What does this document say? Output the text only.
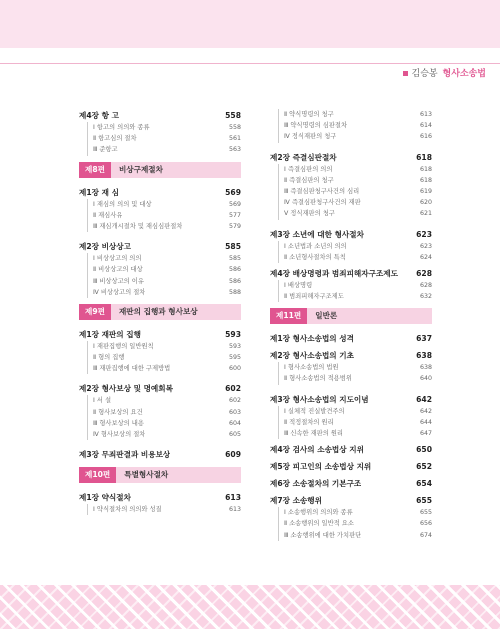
김승봉 형사소송법
제4장 항 고	558
Ⅰ 항고의 의의와 종류	558
Ⅱ 항고심의 절차	561
Ⅲ 준항고	563
제8편	비상구제절차
제1장 재 심	569
Ⅰ 재심의 의의 및 대상	569
Ⅱ 재심사유	577
Ⅲ 재심개시절차 및 재심심판절차	579
제2장 비상상고	585
Ⅰ 비상상고의 의의	585
Ⅱ 비상상고의 대상	586
Ⅲ 비상상고의 이유	586
Ⅳ 비상상고의 절차	588
제9편	재판의 집행과 형사보상
제1장 재판의 집행	593
Ⅰ 재판집행의 일반원칙	593
Ⅱ 형의 집행	595
Ⅲ 재판집행에 대한 구제방법	600
제2장 형사보상 및 명예회복	602
Ⅰ 서 설	602
Ⅱ 형사보상의 요건	603
Ⅲ 형사보상의 내용	604
Ⅳ 형사보상의 절차	605
제3장 무죄판결과 비용보상	609
제10편	특별형사절차
제1장 약식절차	613
Ⅰ 약식절차의 의의와 성질	613
Ⅱ 약식명령의 청구	613
Ⅲ 약식명령의 심판절차	614
Ⅳ 정식재판의 청구	616
제2장 즉결심판절차	618
Ⅰ 즉결심판의 의의	618
Ⅱ 즉결심판의 청구	618
Ⅲ 즉결심판청구사건의 심리	619
Ⅳ 즉결심판청구사건의 재판	620
Ⅴ 정식재판의 청구	621
제3장 소년에 대한 형사절차	623
Ⅰ 소년법과 소년의 의의	623
Ⅱ 소년형사절차의 특칙	624
제4장 배상명령과 범죄피해자구조제도 628
Ⅰ 배상명령	628
Ⅱ 범죄피해자구조제도	632
제11편	일반론
제1장 형사소송법의 성격	637
제2장 형사소송법의 기초	638
Ⅰ 형사소송법의 법원	638
Ⅱ 형사소송법의 적용범위	640
제3장 형사소송법의 지도이념	642
Ⅰ 실체적 진실발견주의	642
Ⅱ 적정절차의 원리	644
Ⅲ 신속한 재판의 원리	647
제4장 검사의 소송법상 지위	650
제5장 피고인의 소송법상 지위	652
제6장 소송절차의 기본구조	654
제7장 소송행위	655
Ⅰ 소송행위의 의의와 종류	655
Ⅱ 소송행위의 일반적 요소	656
Ⅲ 소송행위에 대한 가치판단	674
